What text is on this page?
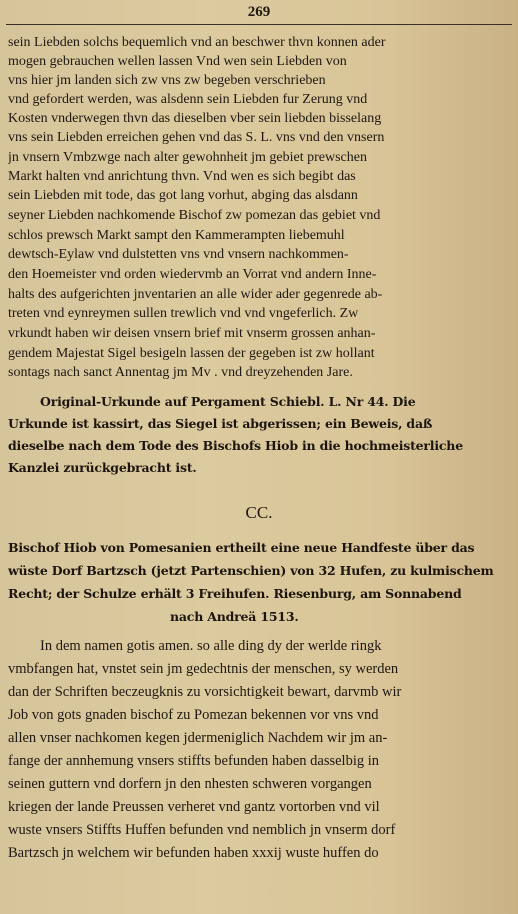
269
sein Liebden solchs bequemlich vnd an beschwer thvn konnen ader
mogen gebrauchen wellen lassen Vnd wen sein Liebden von
vns hier jm landen sich zw vns zw begeben verschrieben
vnd gefordert werden, was alsdenn sein Liebden fur Zerung vnd
Kosten vnderwegen thvn das dieselben vber sein liebden bisselang
vns sein Liebden erreichen gehen vnd das S. L. vns vnd den vnsern
jn vnsern Vmbzwge nach alter gewohnheit jm gebiet prewschen
Markt halten vnd anrichtung thvn. Vnd wen es sich begibt das
sein Liebden mit tode, das got lang vorhut, abging das alsdann
seyner Liebden nachkomende Bischof zw pomezan das gebiet vnd
schlos prewsch Markt sampt den Kammerampten liebemuhl
dewtsch-Eylaw vnd dulstetten vns vnd vnsern nachkommen-
den Hoemeister vnd orden wiedervmb an Vorrat vnd andern Inne-
halts des aufgerichten jnventarien an alle wider ader gegenrede ab-
treten vnd eynreymen sullen trewlich vnd vnd vngeferlich. Zw
vrkundt haben wir deisen vnsern brief mit vnserm grossen anhan-
gendem Majestat Sigel besigeln lassen der gegeben ist zw hollant
sontags nach sanct Annentag jm Mv . vnd dreyzehenden Jare.
Original-Urkunde auf Pergament Schiebl. L. Nr 44. Die
Urkunde ist kassirt, das Siegel ist abgerissen; ein Beweis, daß
dieselbe nach dem Tode des Bischofs Hiob in die hochmeisterliche
Kanzlei zurückgebracht ist.
CC.
Bischof Hiob von Pomesanien ertheilt eine neue Handfeste über das
wüste Dorf Bartzsch (jetzt Partenschien) von 32 Hufen, zu kulmischem
Recht; der Schulze erhält 3 Freihufen. Riesenburg, am Sonnabend
nach Andreä 1513.
In dem namen gotis amen. so alle ding dy der werlde ringk
vmbfangen hat, vnstet sein jm gedechtnis der menschen, sy werden
dan der Schriften beczeugknis zu vorsichtigkeit bewart, darvmb wir
Job von gots gnaden bischof zu Pomezan bekennen vor vns vnd
allen vnser nachkomen kegen jdermeniglich Nachdem wir jm an-
fange der annhemung vnsers stiffts befunden haben dasselbig in
seinen guttern vnd dorfern jn den nhesten schweren vorgangen
kriegen der lande Preussen verheret vnd gantz vortorben vnd vil
wuste vnsers Stiffts Huffen befunden vnd nemblich jn vnserm dorf
Bartzsch jn welchem wir befunden haben xxxij wuste huffen do
